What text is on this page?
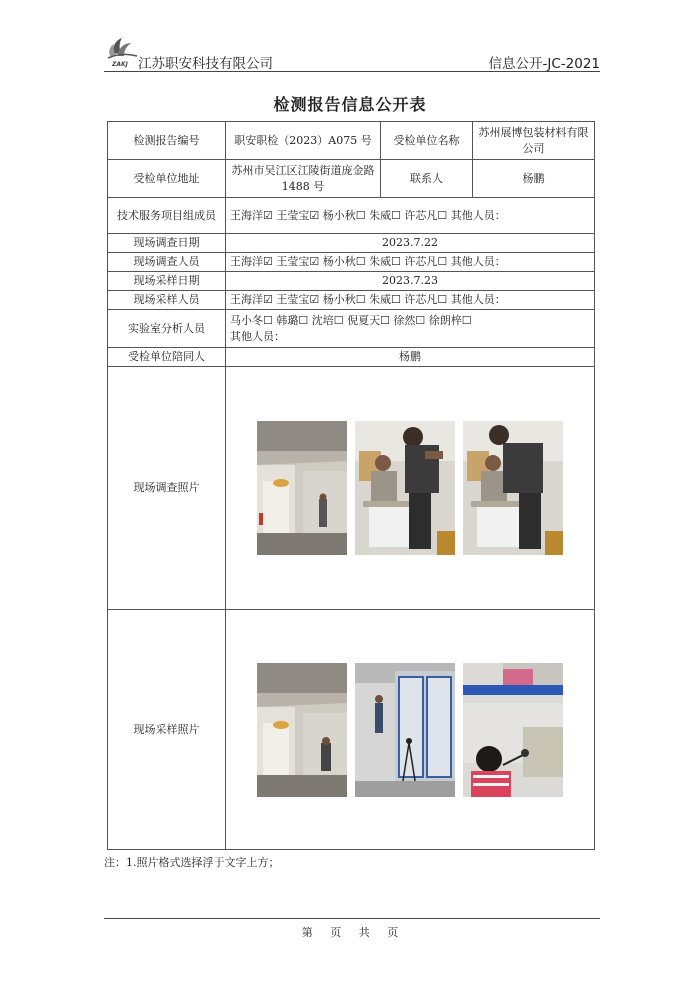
ZAKJ 江苏职安科技有限公司	信息公开-JC-2021
检测报告信息公开表
检测报告编号	职安职检（2023）A075 号	受检单位名称	苏州展博包装材料有限公司
受检单位地址	苏州市吴江区江陵街道庞金路 1488 号	联系人	杨鹏
技术服务项目组成员	王海洋☑ 王莹宝☑ 杨小秋☐ 朱威☐ 许芯凡☐ 其他人员：		
现场调查日期	2023.7.22		
现场调查人员	王海洋☑ 王莹宝☑ 杨小秋☐ 朱威☐ 许芯凡☐ 其他人员：		
现场采样日期	2023.7.23		
现场采样人员	王海洋☑ 王莹宝☑ 杨小秋☐ 朱威☐ 许芯凡☐ 其他人员：		
实验室分析人员	马小冬☐ 韩璐☐ 沈培☐ 倪夏天☐ 徐然☐ 徐朗梓☐
其他人员：		

受检单位陪同人	杨鹏		
现场调查照片	

现场采样照片	
注：1.照片格式选择浮于文字上方；
第 页 共 页
